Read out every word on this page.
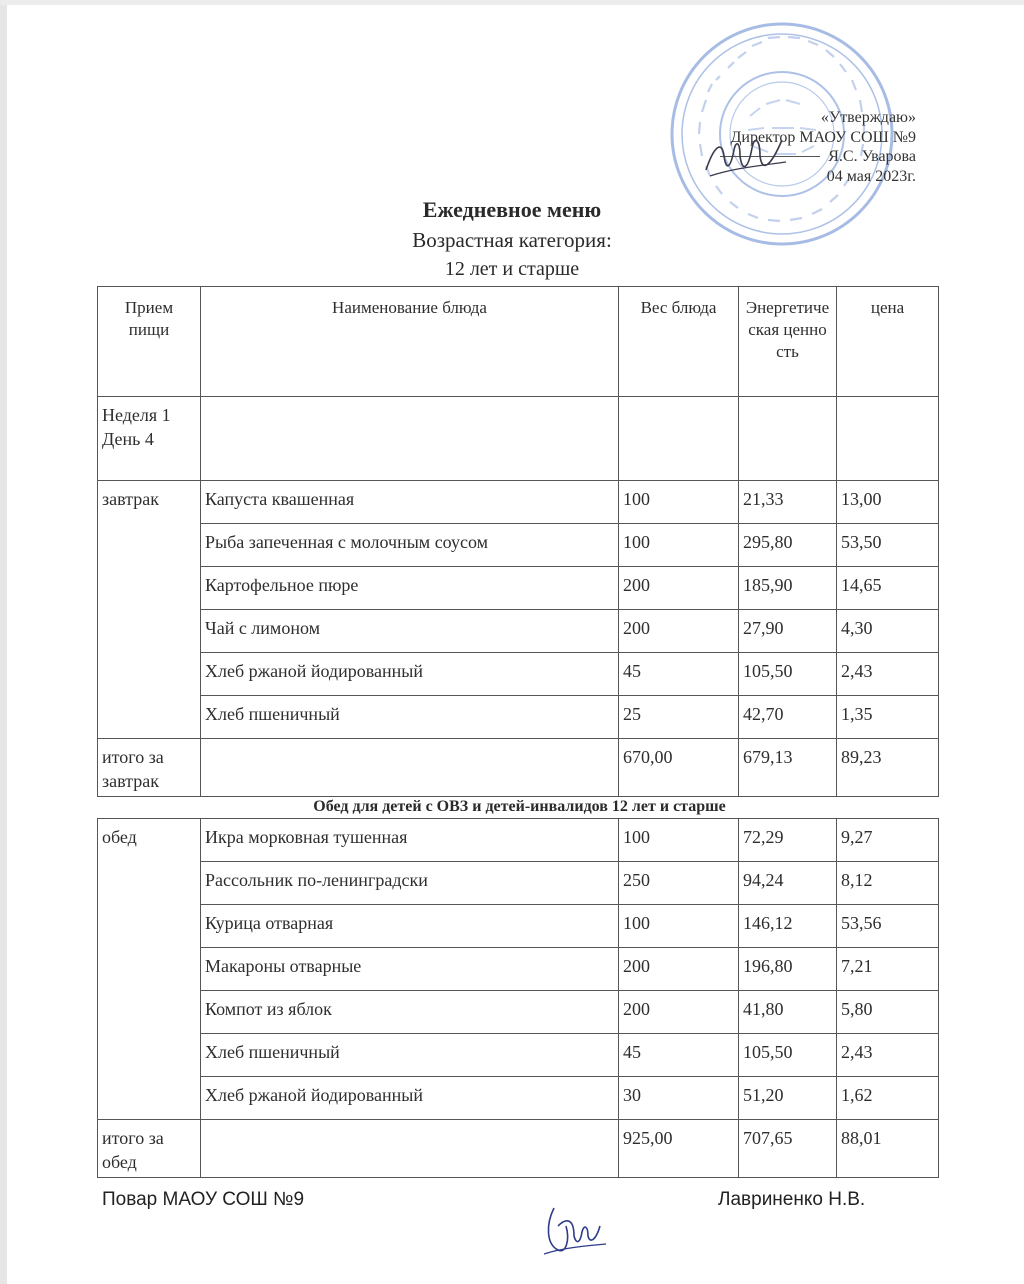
«Утверждаю»
Директор МАОУ СОШ №9
Я.С. Уварова
04 мая 2023г.
Ежедневное меню
Возрастная категория:
12 лет и старше
Прием пищи	Наименование блюда	Вес блюда	Энергетическая ценность	цена

Неделя 1
День 4				

завтрак	Капуста квашенная	100	21,33	13,00

	Рыба запеченная с молочным соусом	100	295,80	53,50

	Картофельное пюре	200	185,90	14,65

	Чай с лимоном	200	27,90	4,30

	Хлеб ржаной йодированный	45	105,50	2,43

	Хлеб пшеничный	25	42,70	1,35

итого за завтрак		670,00	679,13	89,23
Обед для детей с ОВЗ и детей-инвалидов 12 лет и старше
обед	Икра морковная тушенная	100	72,29	9,27

	Рассольник по-ленинградски	250	94,24	8,12

	Курица отварная	100	146,12	53,56

	Макароны отварные	200	196,80	7,21

	Компот из яблок	200	41,80	5,80

	Хлеб пшеничный	45	105,50	2,43

	Хлеб ржаной йодированный	30	51,20	1,62

итого за обед		925,00	707,65	88,01
Повар МАОУ СОШ №9	Лавриненко Н.В.
